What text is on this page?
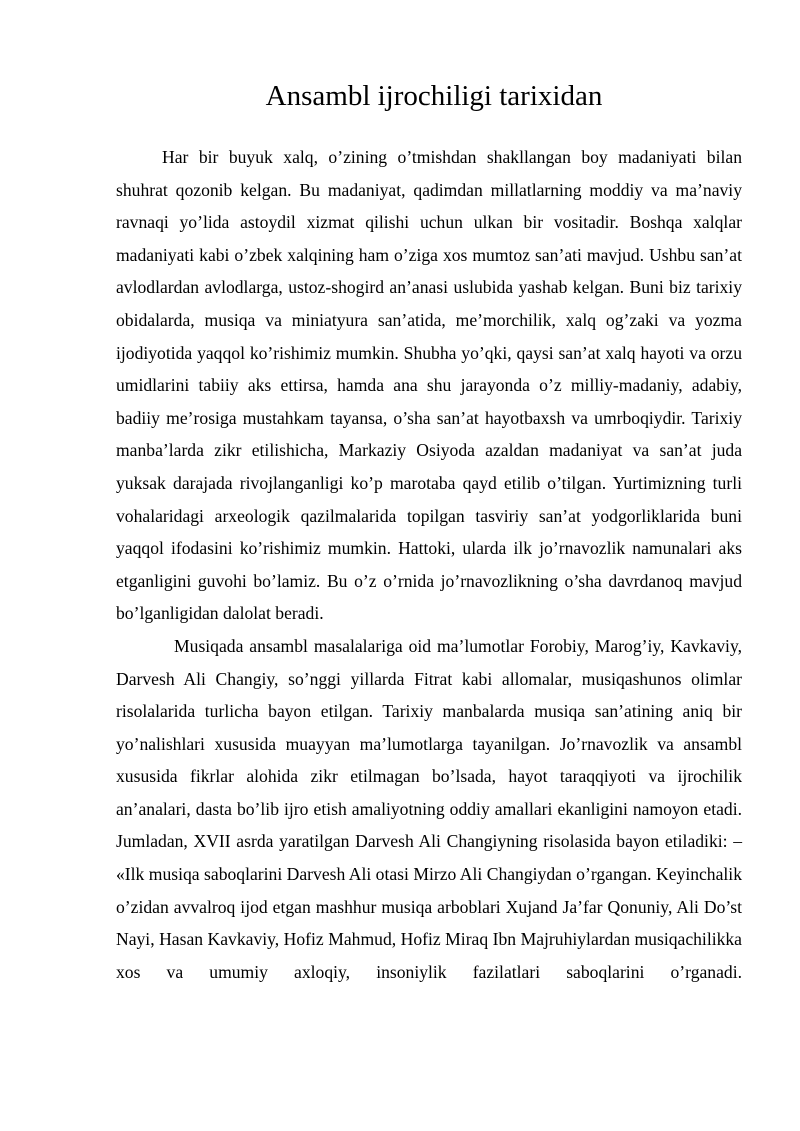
Ansambl ijrochiligi tarixidan

Har bir buyuk xalq, o’zining o’tmishdan shakllangan boy madaniyati bilan shuhrat qozonib kelgan. Bu madaniyat, qadimdan millatlarning moddiy va ma’naviy ravnaqi yo’lida astoydil xizmat qilishi uchun ulkan bir vositadir. Boshqa xalqlar madaniyati kabi o’zbek xalqining ham o’ziga xos mumtoz san’ati mavjud. Ushbu san’at avlodlardan avlodlarga, ustoz-shogird an’anasi uslubida yashab kelgan. Buni biz tarixiy obidalarda, musiqa va miniatyura san’atida, me’morchilik, xalq og’zaki va yozma ijodiyotida yaqqol ko’rishimiz mumkin. Shubha yo’qki, qaysi san’at xalq hayoti va orzu umidlarini tabiiy aks ettirsa, hamda ana shu jarayonda o’z milliy-madaniy, adabiy, badiiy me’rosiga mustahkam tayansa, o’sha san’at hayotbaxsh va umrboqiydir. Tarixiy manba’larda zikr etilishicha, Markaziy Osiyoda azaldan madaniyat va san’at juda yuksak darajada rivojlanganligi ko’p marotaba qayd etilib o’tilgan. Yurtimizning turli vohalaridagi arxeologik qazilmalarida topilgan tasviriy san’at yodgorliklarida buni yaqqol ifodasini ko’rishimiz mumkin. Hattoki, ularda ilk jo’rnavozlik namunalari aks etganligini guvohi bo’lamiz. Bu o’z o’rnida jo’rnavozlikning o’sha davrdanoq mavjud bo’lganligidan dalolat beradi.

Musiqada ansambl masalalariga oid ma’lumotlar Forobiy, Marog’iy, Kavkaviy, Darvesh Ali Changiy, so’nggi yillarda Fitrat kabi allomalar, musiqashunos olimlar risolalarida turlicha bayon etilgan. Tarixiy manbalarda musiqa san’atining aniq bir yo’nalishlari xususida muayyan ma’lumotlarga tayanilgan. Jo’rnavozlik va ansambl xususida fikrlar alohida zikr etilmagan bo’lsada, hayot taraqqiyoti va ijrochilik an’analari, dasta bo’lib ijro etish amaliyotning oddiy amallari ekanligini namoyon etadi. Jumladan, XVII asrda yaratilgan Darvesh Ali Changiyning risolasida bayon etiladiki: – «Ilk musiqa saboqlarini Darvesh Ali otasi Mirzo Ali Changiydan o’rgangan. Keyinchalik o’zidan avvalroq ijod etgan mashhur musiqa arboblari Xujand Ja’far Qonuniy, Ali Do’st Nayi, Hasan Kavkaviy, Hofiz Mahmud, Hofiz Miraq Ibn Majruhiylardan musiqachilikka xos va umumiy axloqiy, insoniylik fazilatlari saboqlarini o’rganadi.
